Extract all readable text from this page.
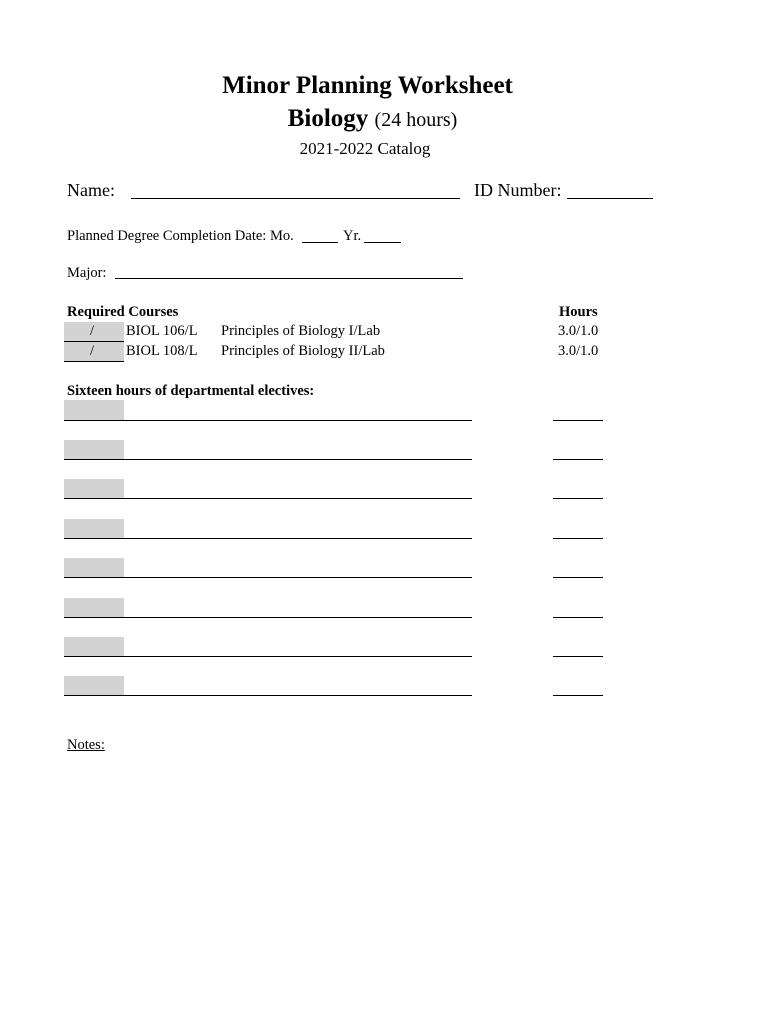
Minor Planning Worksheet
Biology (24 hours)
2021-2022 Catalog
Name:	ID Number:
Planned Degree Completion Date: Mo.	Yr.
Major:
Required Courses	Hours
/ BIOL 106/L Principles of Biology I/Lab	3.0/1.0
/ BIOL 108/L Principles of Biology II/Lab	3.0/1.0
Sixteen hours of departmental electives:
Notes:
